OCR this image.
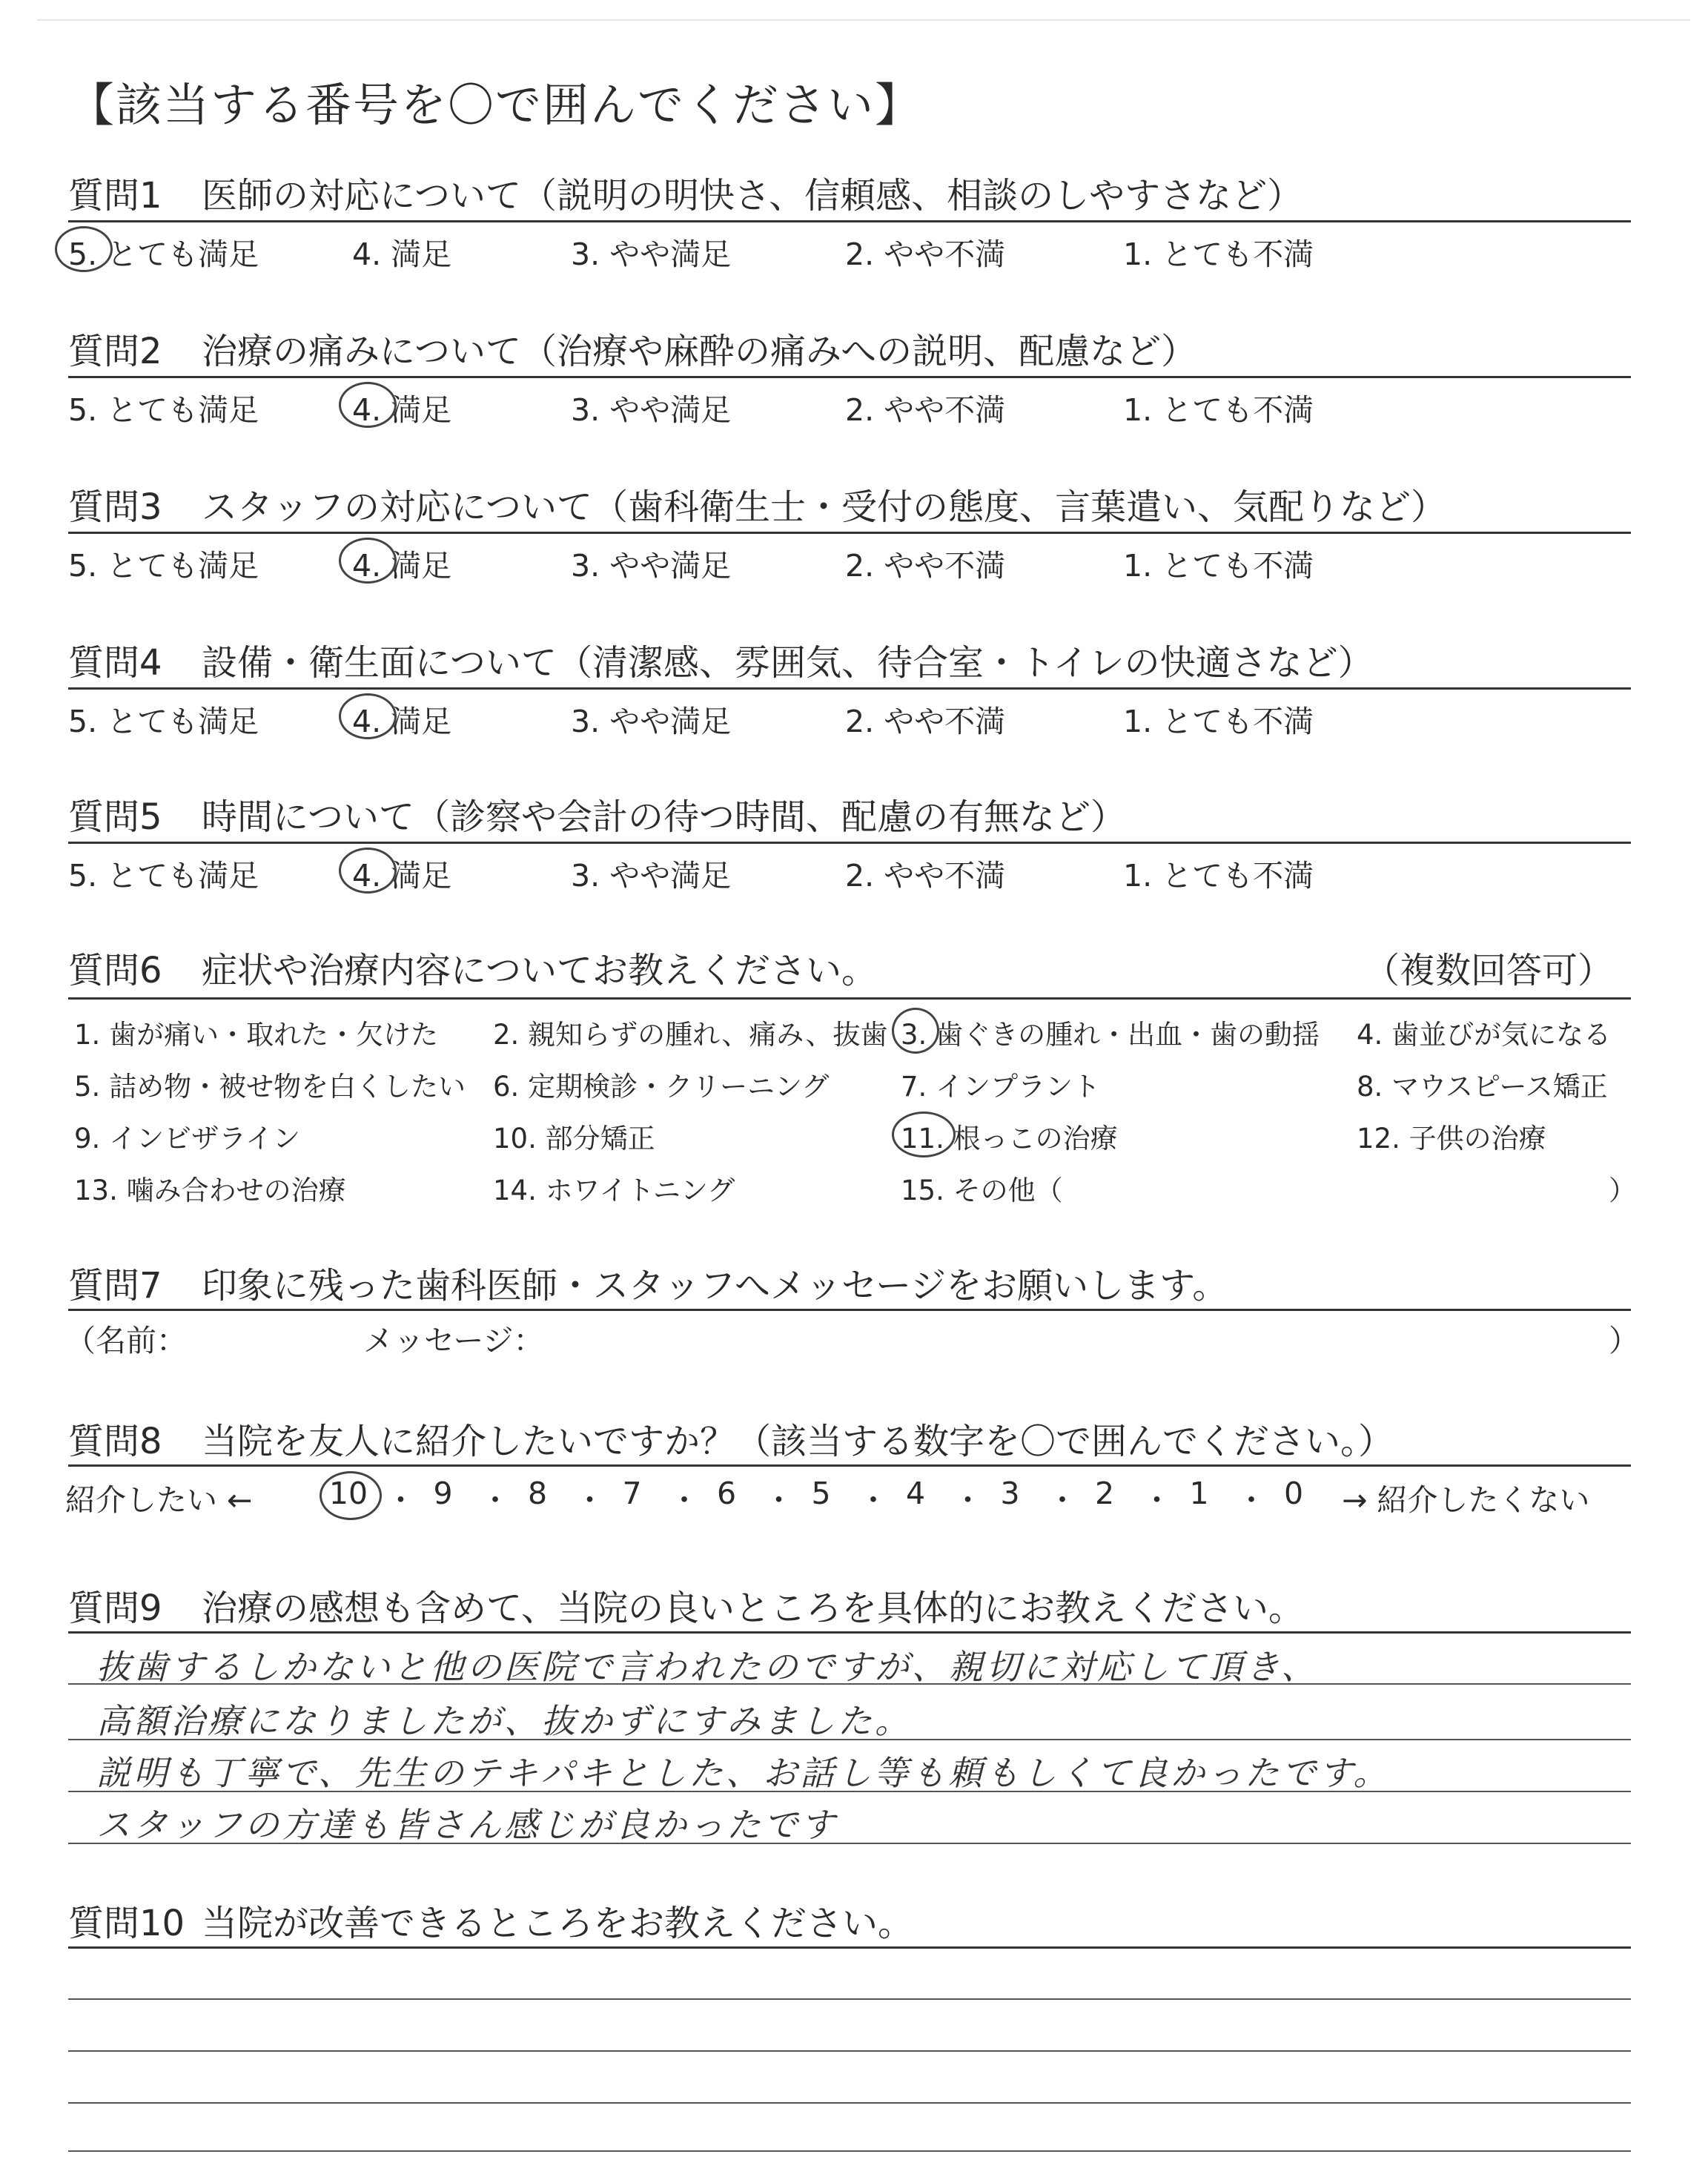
【該当する番号を〇で囲んでください】
質問1 医師の対応について（説明の明快さ、信頼感、相談のしやすさなど）
5. とても満足	4. 満足	3. やや満足	2. やや不満	1. とても不満
質問2 治療の痛みについて（治療や麻酔の痛みへの説明、配慮など）
5. とても満足	4. 満足	3. やや満足	2. やや不満	1. とても不満
質問3 スタッフの対応について（歯科衛生士・受付の態度、言葉遣い、気配りなど）
5. とても満足	4. 満足	3. やや満足	2. やや不満	1. とても不満
質問4 設備・衛生面について（清潔感、雰囲気、待合室・トイレの快適さなど）
5. とても満足	4. 満足	3. やや満足	2. やや不満	1. とても不満
質問5 時間について（診察や会計の待つ時間、配慮の有無など）
5. とても満足	4. 満足	3. やや満足	2. やや不満	1. とても不満
質問6 症状や治療内容についてお教えください。	（複数回答可）
1. 歯が痛い・取れた・欠けた 2. 親知らずの腫れ、痛み、抜歯 3. 歯ぐきの腫れ・出血・歯の動揺 4. 歯並びが気になる
5. 詰め物・被せ物を白くしたい 6. 定期検診・クリーニング	7. インプラント	8. マウスピース矯正
9. インビザライン	10. 部分矯正	11. 根っこの治療	12. 子供の治療
13. 噛み合わせの治療	14. ホワイトニング	15. その他（	）
質問7 印象に残った歯科医師・スタッフへメッセージをお願いします。
（名前：	メッセージ：	）
質問8 当院を友人に紹介したいですか？（該当する数字を〇で囲んでください。）
紹介したい ←	10 ・ 9 ・ 8 ・ 7 ・ 6 ・ 5 ・ 4 ・ 3 ・ 2 ・ 1 ・ 0	→ 紹介したくない
質問9 治療の感想も含めて、当院の良いところを具体的にお教えください。
抜歯するしかないと他の医院で言われたのですが、親切に対応して頂き、
高額治療になりましたが、抜かずにすみました。
説明も丁寧で、先生のテキパキとした、お話し等も頼もしくて良かったです。
スタッフの方達も皆さん感じが良かったです
質問10 当院が改善できるところをお教えください。
